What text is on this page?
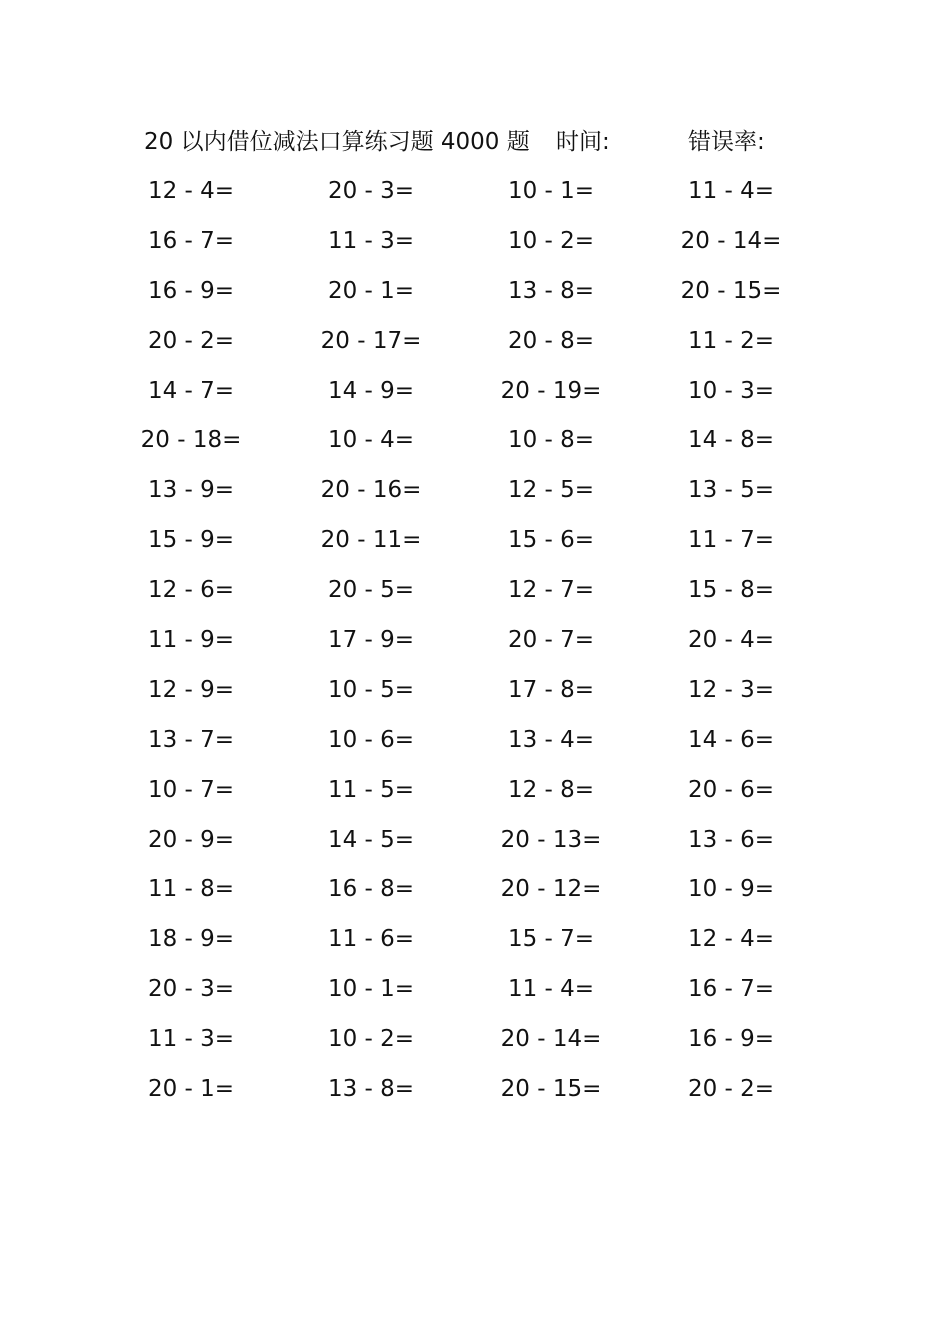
20 以内借位减法口算练习题 4000 题 时间:	错误率:
12 - 4=	20 - 3=	10 - 1=	11 - 4=
16 - 7=	11 - 3=	10 - 2=	20 - 14=
16 - 9=	20 - 1=	13 - 8=	20 - 15=
20 - 2=	20 - 17=	20 - 8=	11 - 2=
14 - 7=	14 - 9=	20 - 19=	10 - 3=
20 - 18=	10 - 4=	10 - 8=	14 - 8=
13 - 9=	20 - 16=	12 - 5=	13 - 5=
15 - 9=	20 - 11=	15 - 6=	11 - 7=
12 - 6=	20 - 5=	12 - 7=	15 - 8=
11 - 9=	17 - 9=	20 - 7=	20 - 4=
12 - 9=	10 - 5=	17 - 8=	12 - 3=
13 - 7=	10 - 6=	13 - 4=	14 - 6=
10 - 7=	11 - 5=	12 - 8=	20 - 6=
20 - 9=	14 - 5=	20 - 13=	13 - 6=
11 - 8=	16 - 8=	20 - 12=	10 - 9=
18 - 9=	11 - 6=	15 - 7=	12 - 4=
20 - 3=	10 - 1=	11 - 4=	16 - 7=
11 - 3=	10 - 2=	20 - 14=	16 - 9=
20 - 1=	13 - 8=	20 - 15=	20 - 2=
